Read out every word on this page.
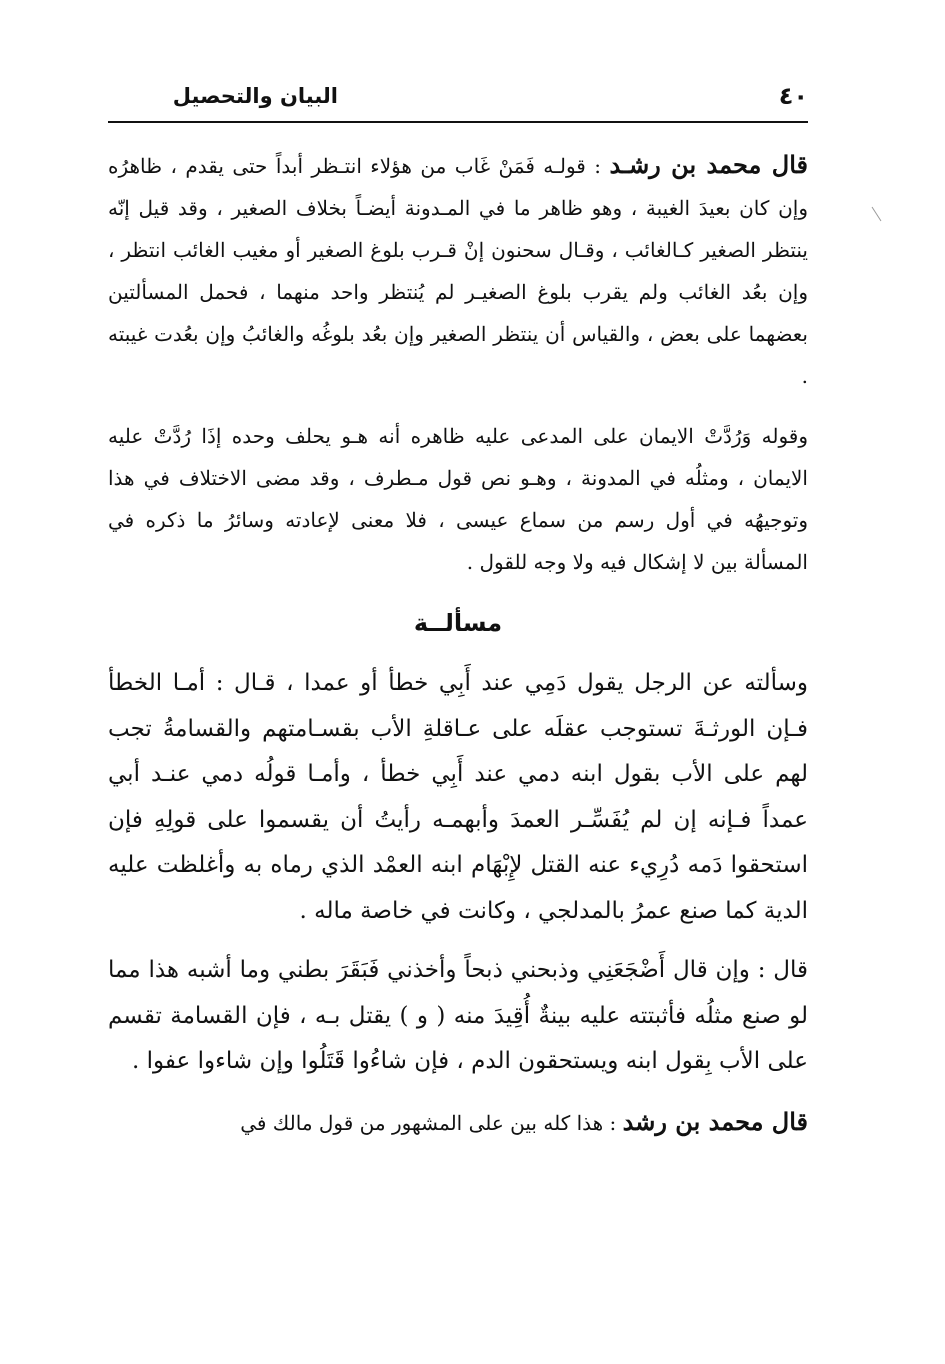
البيان والتحصيل	٤٠

قال محمد بن رشـد : قولـه فَمَنْ غَاب من هؤلاء انتـظر أبداً حتى يقدم ، ظاهرُه وإن كان بعيدَ الغيبة ، وهو ظاهر ما في المـدونة أيضـاً بخلاف الصغير ، وقد قيل إنّه ينتظر الصغير كـالغائب ، وقـال سحنون إنْ قـرب بلوغ الصغير أو مغيب الغائب انتظر ، وإن بعُد الغائب ولم يقرب بلوغ الصغيـر لم يُنتظر واحد منهما ، فحمل المسألتين بعضهما على بعض ، والقياس أن ينتظر الصغير وإن بعُد بلوغُه والغائبُ وإن بعُدت غيبته .

وقوله وَرُدَّتْ الايمان على المدعى عليه ظاهره أنه هـو يحلف وحده إذَا رُدَّتْ عليه الايمان ، ومثلُه في المدونة ، وهـو نص قول مـطرف ، وقد مضى الاختلاف في هذا وتوجيهُه في أول رسم من سماع عيسى ، فلا معنى لإعادته وسائرُ ما ذكره في المسألة بين لا إشكال فيه ولا وجه للقول .

مسألــة

وسألته عن الرجل يقول دَمِي عند أَبِي خطأ أو عمدا ، قـال : أمـا الخطأ فـإن الورثـةَ تستوجب عقلَه على عـاقلةِ الأب بقسـامتهم والقسامةُ تجب لهم على الأب بقول ابنه دمي عند أَبِي خطأ ، وأمـا قولُه دمي عنـد أبي عمداً فـإنه إن لم يُفَسِّـر العمدَ وأبهمـه رأيتُ أن يقسموا على قولِهِ فإن استحقوا دَمه دُرِيء عنه القتل لإِبْهَام ابنه العمْد الذي رماه به وأغلظت عليه الدية كما صنع عمرُ بالمدلجي ، وكانت في خاصة ماله .

قال : وإن قال أَضْجَعَنِي وذبحني ذبحاً وأخذني فَبَقَرَ بطني وما أشبه هذا مما لو صنع مثلُه فأثبتته عليه بينةٌ أُقِيدَ منه ( و ) يقتل بـه ، فإن القسامة تقسم على الأب بِقول ابنه ويستحقون الدم ، فإن شاءُوا قَتَلُوا وإن شاءوا عفوا .

قال محمد بن رشد : هذا كله بين على المشهور من قول مالك في
